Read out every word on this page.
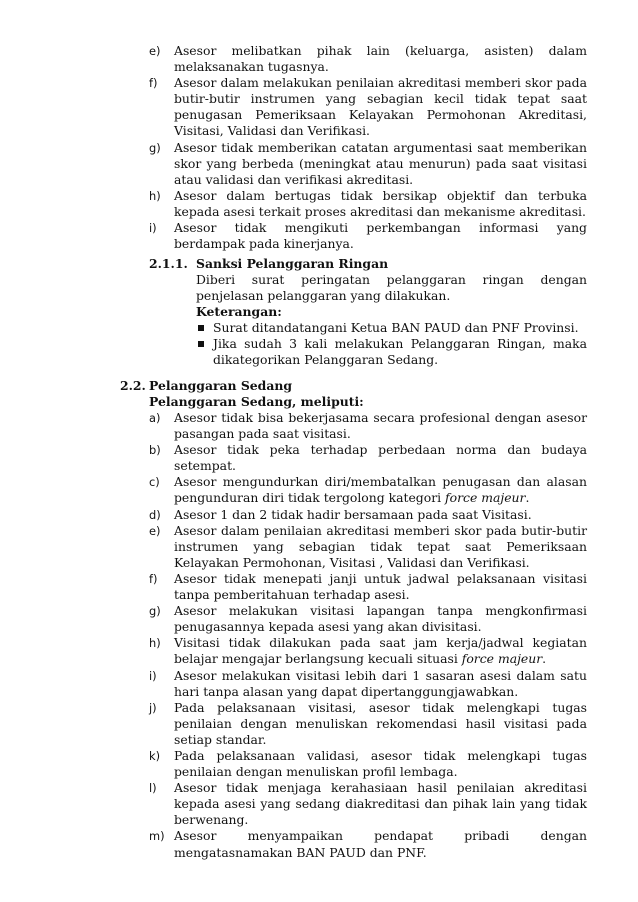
e) Asesor melibatkan pihak lain (keluarga, asisten) dalam melaksanakan tugasnya.
f) Asesor dalam melakukan penilaian akreditasi memberi skor pada butir-butir instrumen yang sebagian kecil tidak tepat saat penugasan Pemeriksaan Kelayakan Permohonan Akreditasi, Visitasi, Validasi dan Verifikasi.
g) Asesor tidak memberikan catatan argumentasi saat memberikan skor yang berbeda (meningkat atau menurun) pada saat visitasi atau validasi dan verifikasi akreditasi.
h) Asesor dalam bertugas tidak bersikap objektif dan terbuka kepada asesi terkait proses akreditasi dan mekanisme akreditasi.
i) Asesor tidak mengikuti perkembangan informasi yang berdampak pada kinerjanya.
2.1.1. Sanksi Pelanggaran Ringan
Diberi surat peringatan pelanggaran ringan dengan penjelasan pelanggaran yang dilakukan.
Keterangan:
Surat ditandatangani Ketua BAN PAUD dan PNF Provinsi.
Jika sudah 3 kali melakukan Pelanggaran Ringan, maka dikategorikan Pelanggaran Sedang.
2.2. Pelanggaran Sedang
Pelanggaran Sedang, meliputi:
a) Asesor tidak bisa bekerjasama secara profesional dengan asesor pasangan pada saat visitasi.
b) Asesor tidak peka terhadap perbedaan norma dan budaya setempat.
c) Asesor mengundurkan diri/membatalkan penugasan dan alasan pengunduran diri tidak tergolong kategori force majeur.
d) Asesor 1 dan 2 tidak hadir bersamaan pada saat Visitasi.
e) Asesor dalam penilaian akreditasi memberi skor pada butir-butir instrumen yang sebagian tidak tepat saat Pemeriksaan Kelayakan Permohonan, Visitasi , Validasi dan Verifikasi.
f) Asesor tidak menepati janji untuk jadwal pelaksanaan visitasi tanpa pemberitahuan terhadap asesi.
g) Asesor melakukan visitasi lapangan tanpa mengkonfirmasi penugasannya kepada asesi yang akan divisitasi.
h) Visitasi tidak dilakukan pada saat jam kerja/jadwal kegiatan belajar mengajar berlangsung kecuali situasi force majeur.
i) Asesor melakukan visitasi lebih dari 1 sasaran asesi dalam satu hari tanpa alasan yang dapat dipertanggungjawabkan.
j) Pada pelaksanaan visitasi, asesor tidak melengkapi tugas penilaian dengan menuliskan rekomendasi hasil visitasi pada setiap standar.
k) Pada pelaksanaan validasi, asesor tidak melengkapi tugas penilaian dengan menuliskan profil lembaga.
l) Asesor tidak menjaga kerahasiaan hasil penilaian akreditasi kepada asesi yang sedang diakreditasi dan pihak lain yang tidak berwenang.
m) Asesor menyampaikan pendapat pribadi dengan mengatasnamakan BAN PAUD dan PNF.
